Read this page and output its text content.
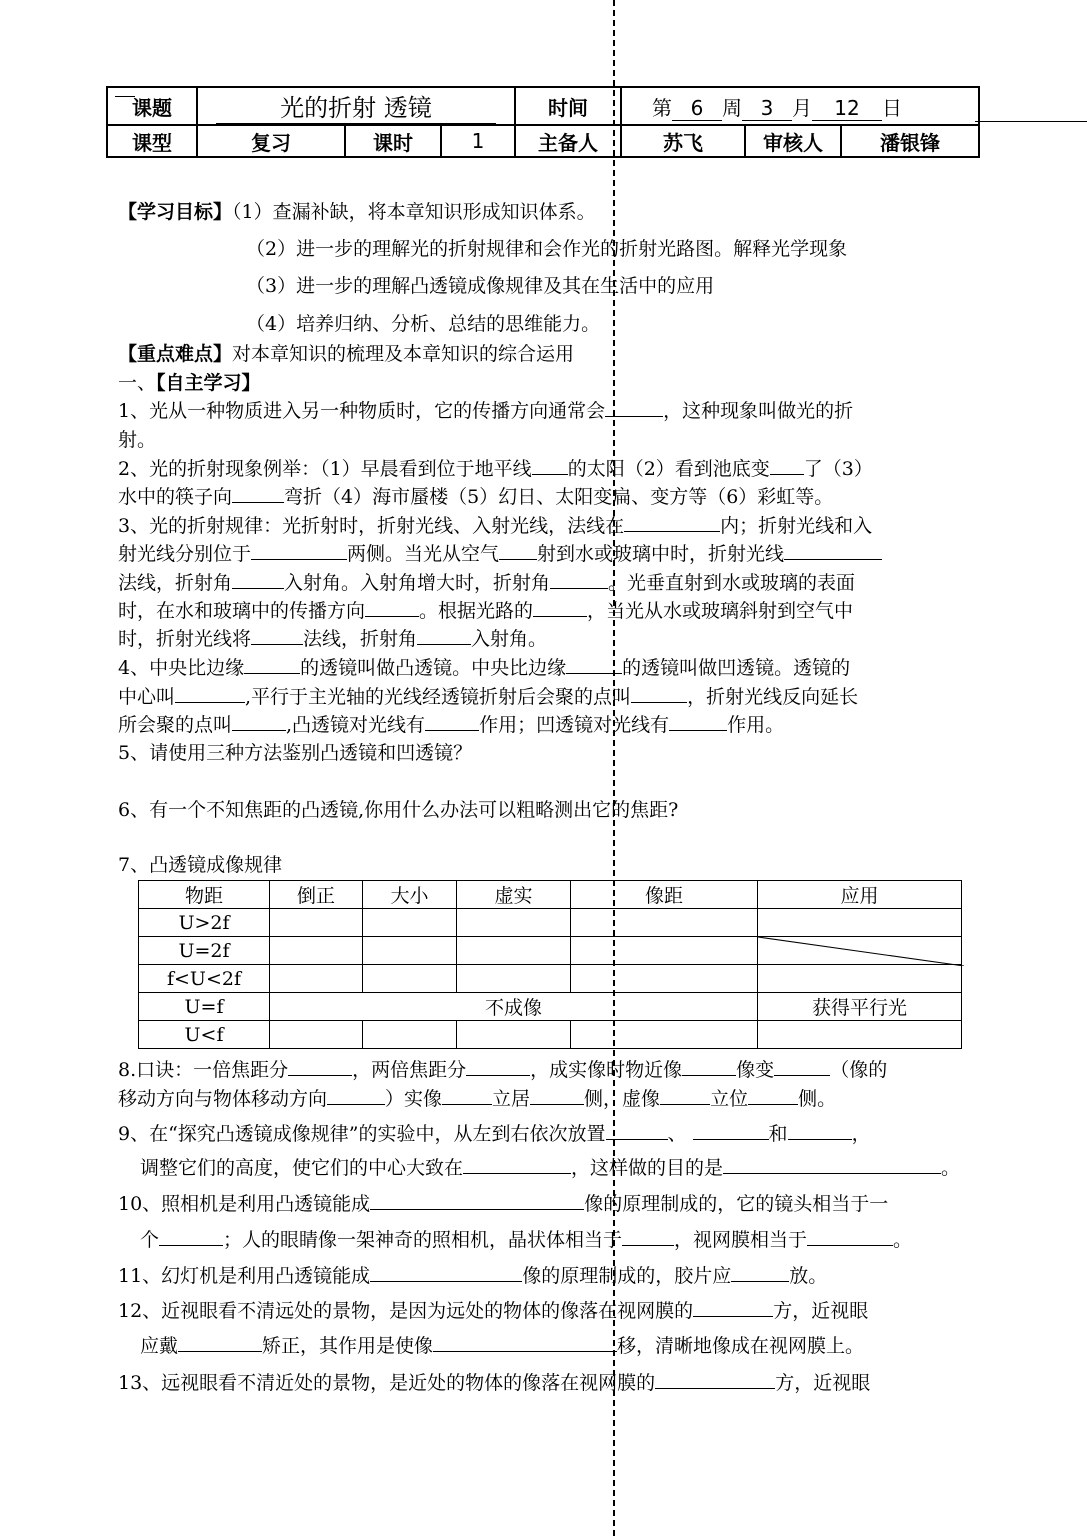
课题	光的折射 透镜			时间	第 6 周 3 月 12 日		
课型	复习	课时	1	主备人	苏飞	审核人	潘银锋
【学习目标】（1）查漏补缺，将本章知识形成知识体系。
（2）进一步的理解光的折射规律和会作光的折射光路图。解释光学现象
（3）进一步的理解凸透镜成像规律及其在生活中的应用
（4）培养归纳、分析、总结的思维能力。
【重点难点】对本章知识的梳理及本章知识的综合运用
一、【自主学习】
1、光从一种物质进入另一种物质时，它的传播方向通常会	，这种现象叫做光的折
射。
2、光的折射现象例举：（1）早晨看到位于地平线 的太阳（2）看到池底变 了（3）
水中的筷子向	弯折（4）海市蜃楼（5）幻日、太阳变扁、变方等（6）彩虹等。
3、光的折射规律：光折射时，折射光线、入射光线，法线在	内；折射光线和入
射光线分别位于	两侧。当光从空气 射到水或玻璃中时，折射光线
法线，折射角	入射角。入射角增大时，折射角	。光垂直射到水或玻璃的表面
时，在水和玻璃中的传播方向	。根据光路的	，当光从水或玻璃斜射到空气中
时，折射光线将	法线，折射角	入射角。
4、中央比边缘	的透镜叫做凸透镜。中央比边缘	的透镜叫做凹透镜。透镜的
中心叫	,平行于主光轴的光线经透镜折射后会聚的点叫	，折射光线反向延长
所会聚的点叫	,凸透镜对光线有	作用；凹透镜对光线有	作用。
5、请使用三种方法鉴别凸透镜和凹透镜？
6、有一个不知焦距的凸透镜,你用什么办法可以粗略测出它的焦距?
7、凸透镜成像规律
物距	倒正	大小	虚实	像距	应用
U>2f					
U=2f					

f<U<2f					
U=f	不成像				获得平行光
U<f					
8.口诀：一倍焦距分	，两倍焦距分	，成实像时物近像	像变	（像的
移动方向与物体移动方向	）实像	立居	侧，虚像	立位	侧。
9、在“探究凸透镜成像规律”的实验中，从左到右依次放置	、	和	，
调整它们的高度，使它们的中心大致在	，这样做的目的是	。
10、照相机是利用凸透镜能成	像的原理制成的，它的镜头相当于一
个	；人的眼睛像一架神奇的照相机，晶状体相当于	，视网膜相当于	。
11、幻灯机是利用凸透镜能成	像的原理制成的，胶片应	放。
12、近视眼看不清远处的景物，是因为远处的物体的像落在视网膜的	方，近视眼
应戴	矫正，其作用是使像	移，清晰地像成在视网膜上。
13、远视眼看不清近处的景物，是近处的物体的像落在视网膜的	方，近视眼
